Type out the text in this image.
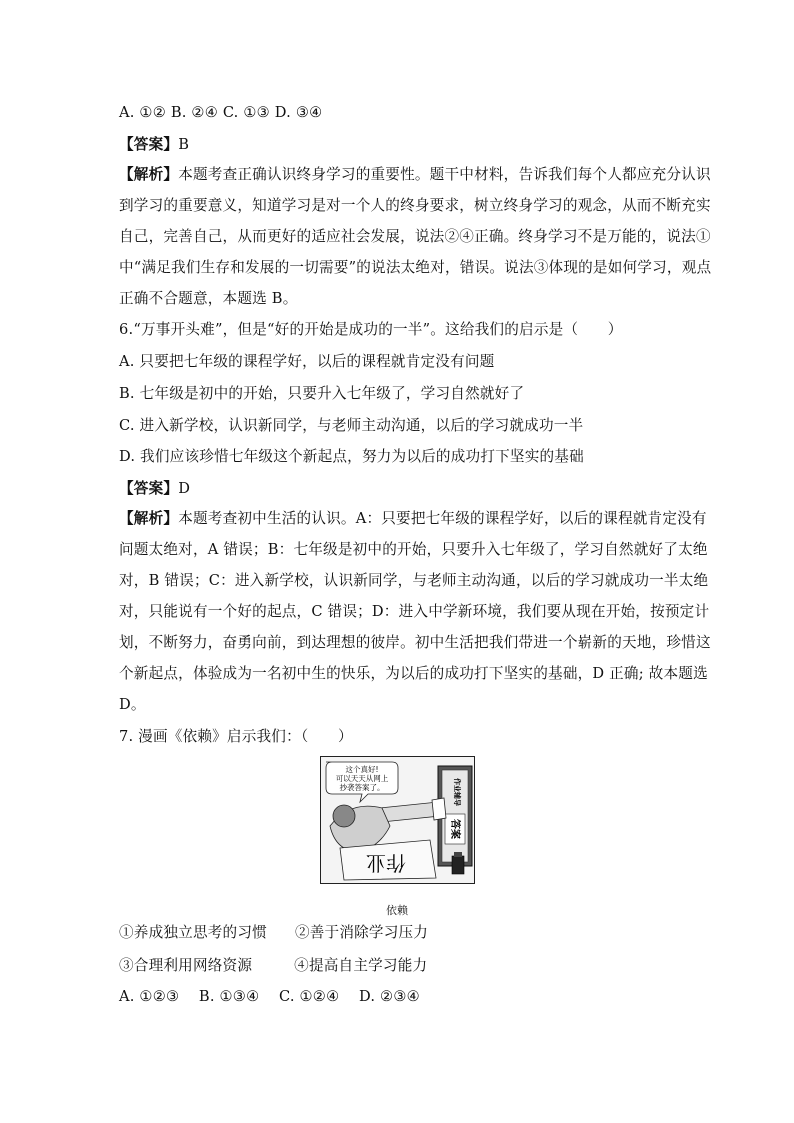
A. ①② B. ②④ C. ①③ D. ③④
【答案】B
【解析】本题考查正确认识终身学习的重要性。题干中材料，告诉我们每个人都应充分认识
到学习的重要意义，知道学习是对一个人的终身要求，树立终身学习的观念，从而不断充实
自己，完善自己，从而更好的适应社会发展，说法②④正确。终身学习不是万能的，说法①
中“满足我们生存和发展的一切需要”的说法太绝对，错误。说法③体现的是如何学习，观点
正确不合题意，本题选 B。
6.“万事开头难”，但是“好的开始是成功的一半”。这给我们的启示是（　　）
A. 只要把七年级的课程学好，以后的课程就肯定没有问题
B. 七年级是初中的开始，只要升入七年级了，学习自然就好了
C. 进入新学校，认识新同学，与老师主动沟通，以后的学习就成功一半
D. 我们应该珍惜七年级这个新起点，努力为以后的成功打下坚实的基础
【答案】D
【解析】本题考查初中生活的认识。A：只要把七年级的课程学好，以后的课程就肯定没有
问题太绝对，A 错误；B：七年级是初中的开始，只要升入七年级了，学习自然就好了太绝
对，B 错误；C：进入新学校，认识新同学，与老师主动沟通，以后的学习就成功一半太绝
对，只能说有一个好的起点，C 错误；D：进入中学新环境，我们要从现在开始，按预定计
划，不断努力，奋勇向前，到达理想的彼岸。初中生活把我们带进一个崭新的天地，珍惜这
个新起点，体验成为一名初中生的快乐，为以后的成功打下坚实的基础，D 正确; 故本题选
D。
7. 漫画《依赖》启示我们：（　　）
这个真好!
可以天天从网上
抄袭答案了。	作业辅导
答案
作业
依赖
①养成独立思考的习惯 ②善于消除学习压力
③合理利用网络资源	④提高自主学习能力
A. ①②③　 B. ①③④　 C. ①②④　 D. ②③④
